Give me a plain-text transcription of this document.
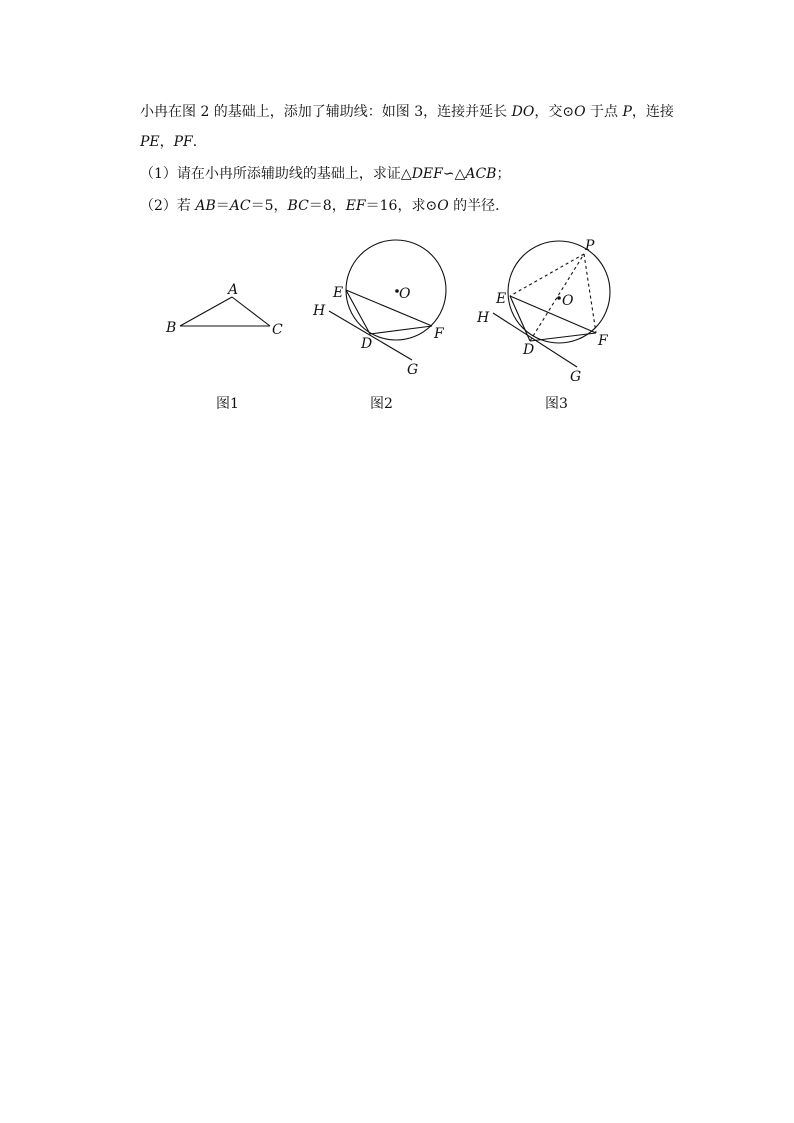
小冉在图 2 的基础上，添加了辅助线：如图 3，连接并延长 DO，交⊙O 于点 P，连接
PE，PF．
（1）请在小冉所添辅助线的基础上，求证△DEF∽△ACB；
（2）若 AB＝AC＝5，BC＝8，EF＝16，求⊙O 的半径．
A
B	C
E	O
H
D
F
G
P
E	O
H
D
F
G
图1	图2	图3
